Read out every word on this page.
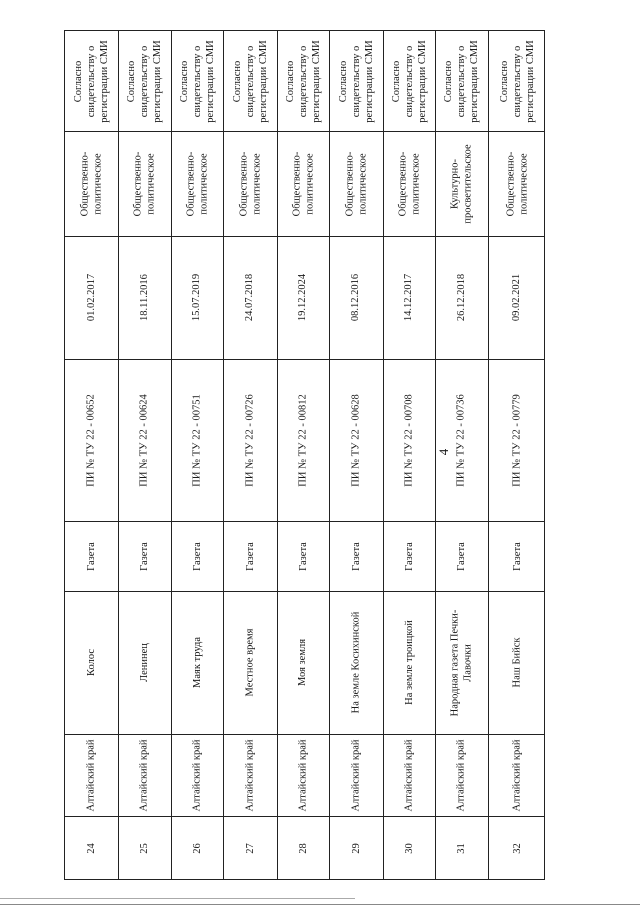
4
Согласно свидетельству о регистрации СМИ
Общественно- политическое
01.02.2017
ПИ № ТУ 22 - 00652
Газета
Колос
Алтайский край
24
Согласно свидетельству о регистрации СМИ
Общественно- политическое
18.11.2016
ПИ № ТУ 22 - 00624
Газета
Ленинец
Алтайский край
25
Согласно свидетельству о регистрации СМИ
Общественно- политическое
15.07.2019
ПИ № ТУ 22 - 00751
Газета
Маяк труда
Алтайский край
26
Согласно свидетельству о регистрации СМИ
Общественно- политическое
24.07.2018
ПИ № ТУ 22 - 00726
Газета
Местное время
Алтайский край
27
Согласно свидетельству о регистрации СМИ
Общественно- политическое
19.12.2024
ПИ № ТУ 22 - 00812
Газета
Моя земля
Алтайский край
28
Согласно свидетельству о регистрации СМИ
Общественно- политическое
08.12.2016
ПИ № ТУ 22 - 00628
Газета
На земле Косихинской
Алтайский край
29
Согласно свидетельству о регистрации СМИ
Общественно- политическое
14.12.2017
ПИ № ТУ 22 - 00708
Газета
На земле троицкой
Алтайский край
30
Согласно свидетельству о регистрации СМИ
Культурно- просветительское
26.12.2018
ПИ № ТУ 22 - 00736
Газета
Народная газета Печки- Лавочки
Алтайский край
31
Согласно свидетельству о регистрации СМИ
Общественно- политическое
09.02.2021
ПИ № ТУ 22 - 00779
Газета
Наш Бийск
Алтайский край
32
